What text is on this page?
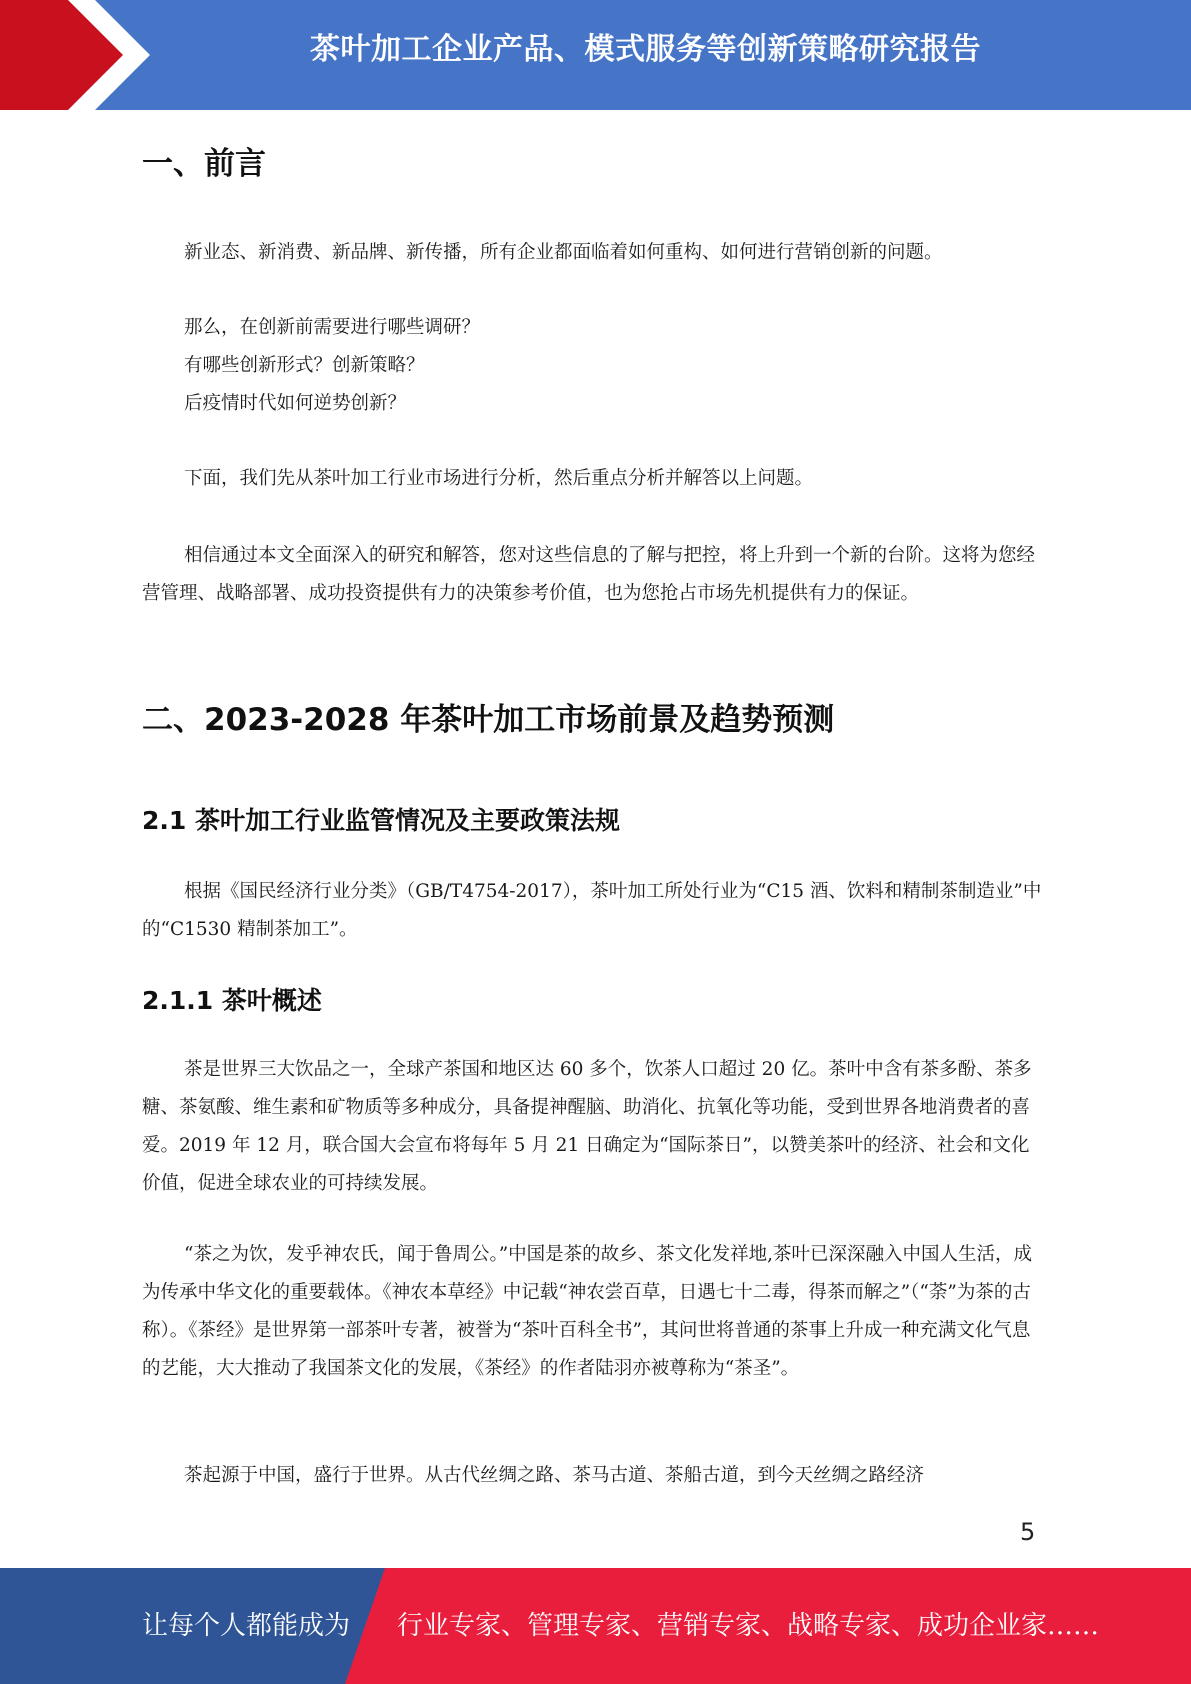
茶叶加工企业产品、模式服务等创新策略研究报告
一、前言

新业态、新消费、新品牌、新传播，所有企业都面临着如何重构、如何进行营销创新的问题。

那么，在创新前需要进行哪些调研？
有哪些创新形式？创新策略？
后疫情时代如何逆势创新？

下面，我们先从茶叶加工行业市场进行分析，然后重点分析并解答以上问题。

相信通过本文全面深入的研究和解答，您对这些信息的了解与把控，将上升到一个新的台阶。这将为您经营管理、战略部署、成功投资提供有力的决策参考价值，也为您抢占市场先机提供有力的保证。

二、2023-2028 年茶叶加工市场前景及趋势预测
2.1 茶叶加工行业监管情况及主要政策法规

根据《国民经济行业分类》（GB/T4754-2017），茶叶加工所处行业为“C15 酒、饮料和精制茶制造业”中的“C1530 精制茶加工”。

2.1.1 茶叶概述

茶是世界三大饮品之一，全球产茶国和地区达 60 多个，饮茶人口超过 20 亿。茶叶中含有茶多酚、茶多糖、茶氨酸、维生素和矿物质等多种成分，具备提神醒脑、助消化、抗氧化等功能，受到世界各地消费者的喜爱。2019 年 12 月，联合国大会宣布将每年 5 月 21 日确定为“国际茶日”，以赞美茶叶的经济、社会和文化价值，促进全球农业的可持续发展。

“茶之为饮，发乎神农氏，闻于鲁周公。”中国是茶的故乡、茶文化发祥地,茶叶已深深融入中国人生活，成为传承中华文化的重要载体。《神农本草经》中记载“神农尝百草，日遇七十二毒，得茶而解之”（“荼”为茶的古称）。《茶经》是世界第一部茶叶专著，被誉为“茶叶百科全书”，其问世将普通的茶事上升成一种充满文化气息的艺能，大大推动了我国茶文化的发展，《茶经》的作者陆羽亦被尊称为“茶圣”。

茶起源于中国，盛行于世界。从古代丝绸之路、茶马古道、茶船古道，到今天丝绸之路经济

5
让每个人都能成为 行业专家、管理专家、营销专家、战略专家、成功企业家……
